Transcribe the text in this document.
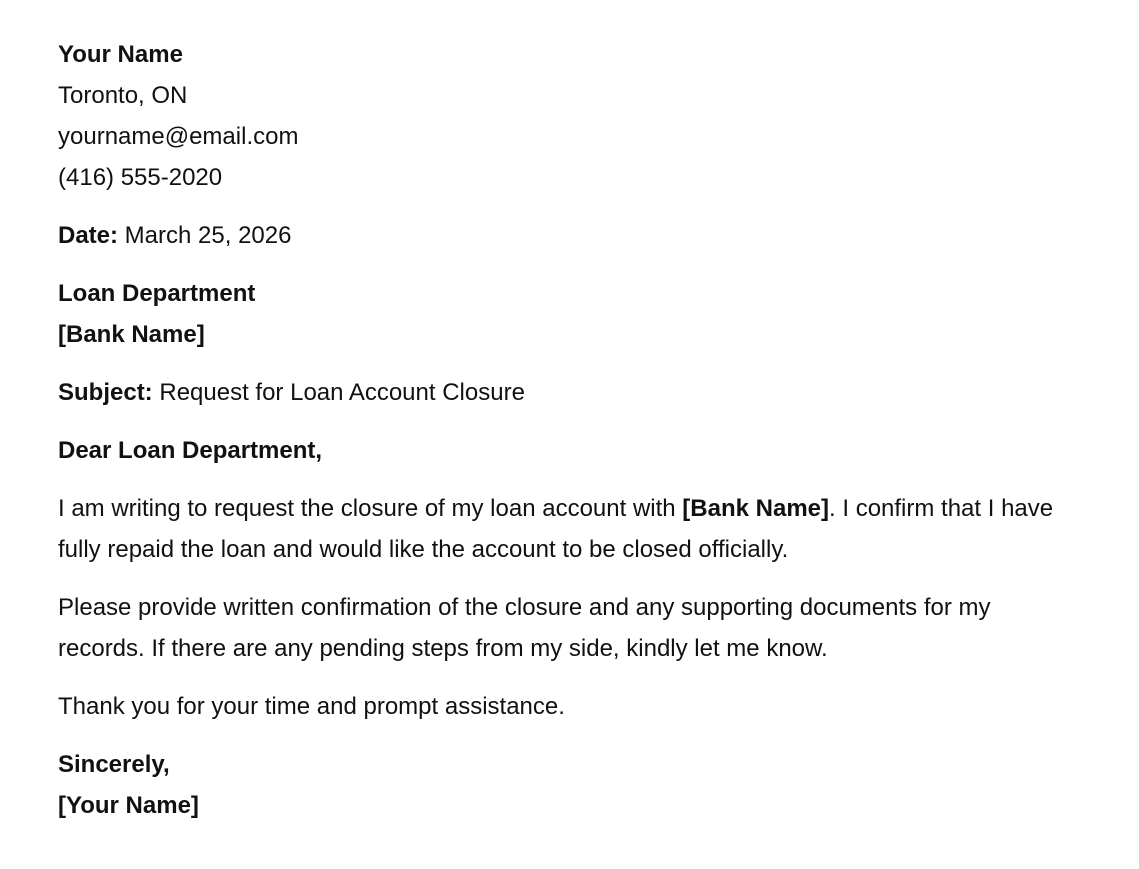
Your Name
Toronto, ON
yourname@email.com
(416) 555-2020
Date: March 25, 2026
Loan Department
[Bank Name]
Subject: Request for Loan Account Closure
Dear Loan Department,

I am writing to request the closure of my loan account with [Bank Name]. I confirm that I have fully repaid the loan and would like the account to be closed officially.

Please provide written confirmation of the closure and any supporting documents for my records. If there are any pending steps from my side, kindly let me know.

Thank you for your time and prompt assistance.

Sincerely,
[Your Name]
